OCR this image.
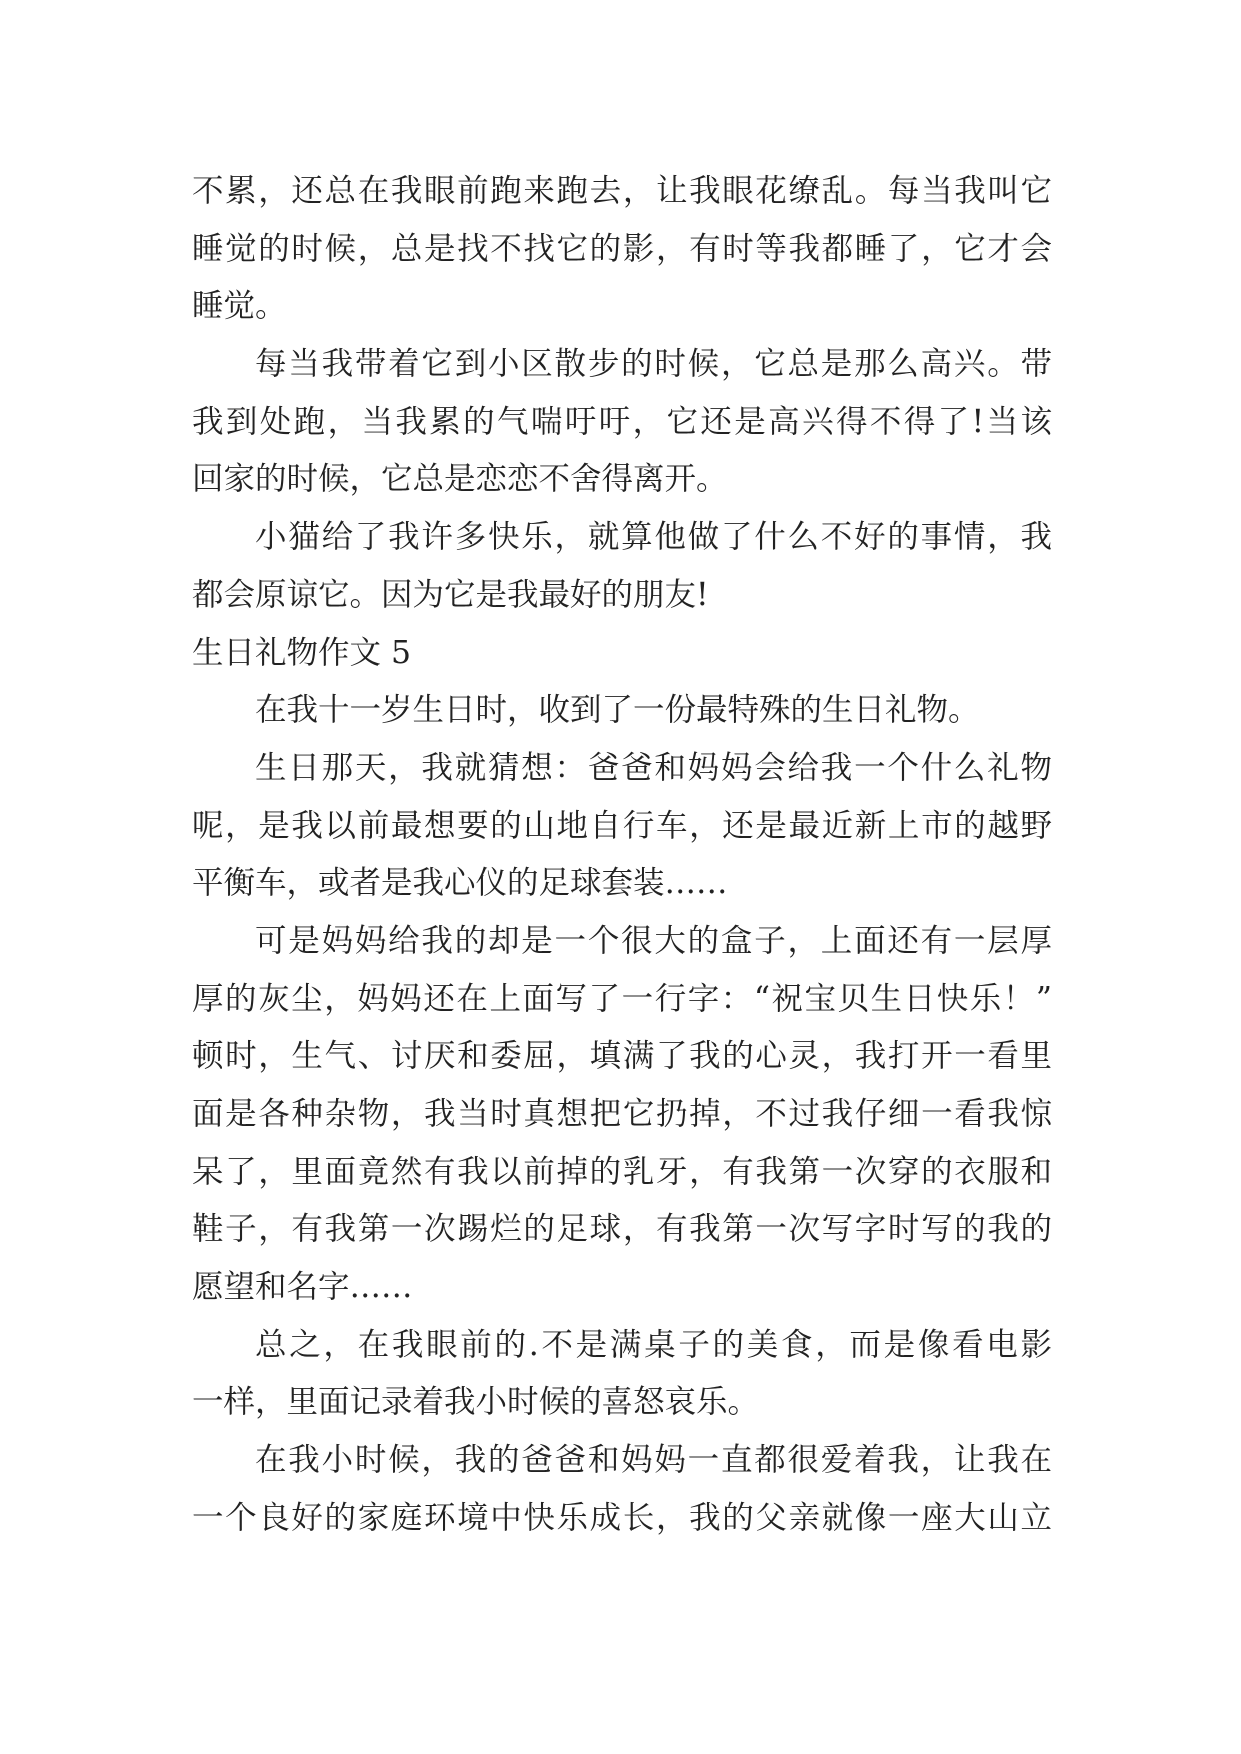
不累，还总在我眼前跑来跑去，让我眼花缭乱。每当我叫它
睡觉的时候，总是找不找它的影，有时等我都睡了，它才会
睡觉。
每当我带着它到小区散步的时候，它总是那么高兴。带
我到处跑，当我累的气喘吁吁，它还是高兴得不得了!当该
回家的时候，它总是恋恋不舍得离开。
小猫给了我许多快乐，就算他做了什么不好的事情，我
都会原谅它。因为它是我最好的朋友!
生日礼物作文 5
在我十一岁生日时，收到了一份最特殊的生日礼物。
生日那天，我就猜想：爸爸和妈妈会给我一个什么礼物
呢，是我以前最想要的山地自行车，还是最近新上市的越野
平衡车，或者是我心仪的足球套装……
可是妈妈给我的却是一个很大的盒子，上面还有一层厚
厚的灰尘，妈妈还在上面写了一行字：“祝宝贝生日快乐！”
顿时，生气、讨厌和委屈，填满了我的心灵，我打开一看里
面是各种杂物，我当时真想把它扔掉，不过我仔细一看我惊
呆了，里面竟然有我以前掉的乳牙，有我第一次穿的衣服和
鞋子，有我第一次踢烂的足球，有我第一次写字时写的我的
愿望和名字……
总之，在我眼前的.不是满桌子的美食，而是像看电影
一样，里面记录着我小时候的喜怒哀乐。
在我小时候，我的爸爸和妈妈一直都很爱着我，让我在
一个良好的家庭环境中快乐成长，我的父亲就像一座大山立
